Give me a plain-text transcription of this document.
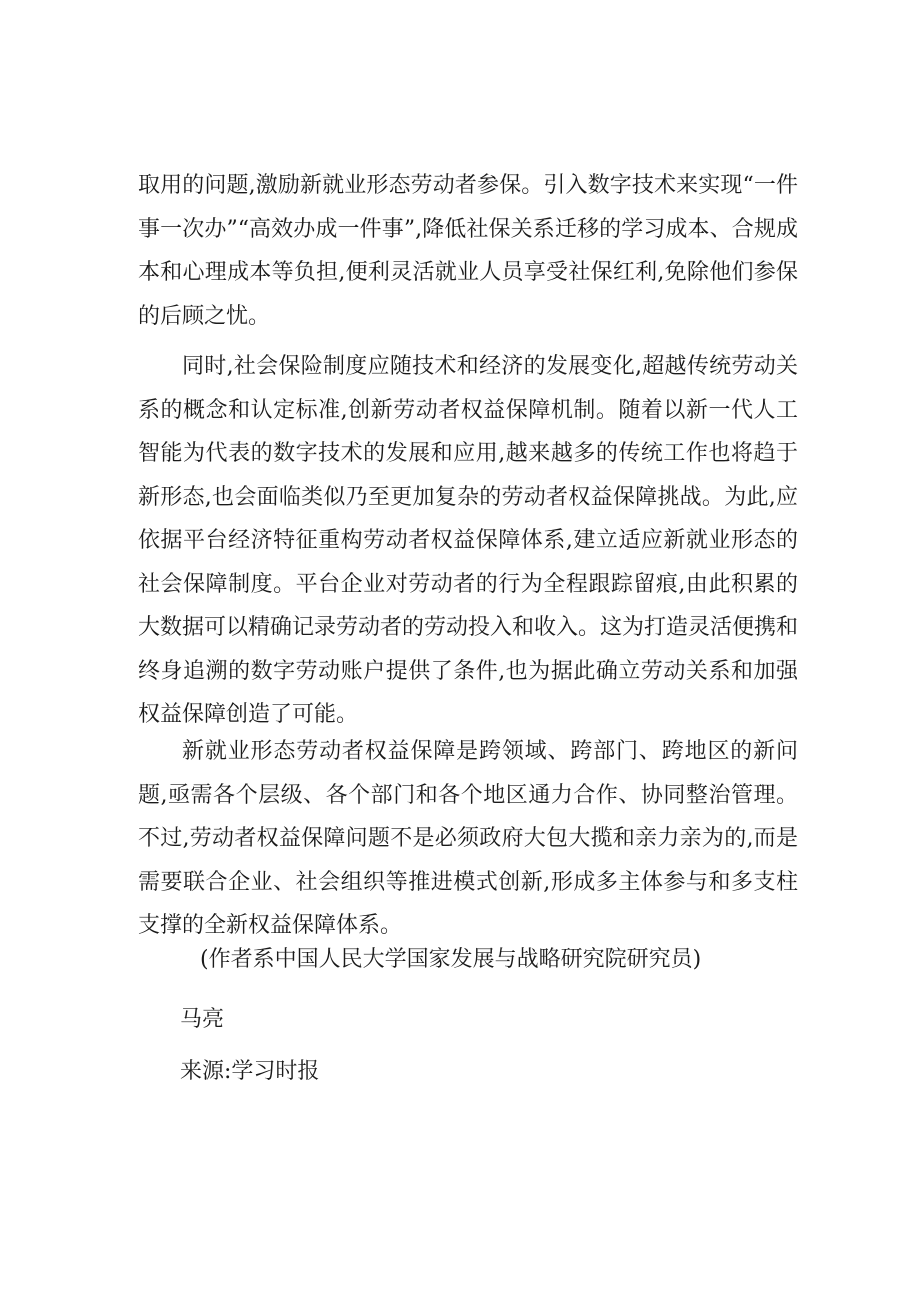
取用的问题,激励新就业形态劳动者参保。引入数字技术来实现“一件事一次办”“高效办成一件事”,降低社保关系迁移的学习成本、合规成本和心理成本等负担,便利灵活就业人员享受社保红利,免除他们参保的后顾之忧。

同时,社会保险制度应随技术和经济的发展变化,超越传统劳动关系的概念和认定标准,创新劳动者权益保障机制。随着以新一代人工智能为代表的数字技术的发展和应用,越来越多的传统工作也将趋于新形态,也会面临类似乃至更加复杂的劳动者权益保障挑战。为此,应依据平台经济特征重构劳动者权益保障体系,建立适应新就业形态的社会保障制度。平台企业对劳动者的行为全程跟踪留痕,由此积累的大数据可以精确记录劳动者的劳动投入和收入。这为打造灵活便携和终身追溯的数字劳动账户提供了条件,也为据此确立劳动关系和加强权益保障创造了可能。

新就业形态劳动者权益保障是跨领域、跨部门、跨地区的新问题,亟需各个层级、各个部门和各个地区通力合作、协同整治管理。不过,劳动者权益保障问题不是必须政府大包大揽和亲力亲为的,而是需要联合企业、社会组织等推进模式创新,形成多主体参与和多支柱支撑的全新权益保障体系。

(作者系中国人民大学国家发展与战略研究院研究员)
马亮
来源:学习时报
